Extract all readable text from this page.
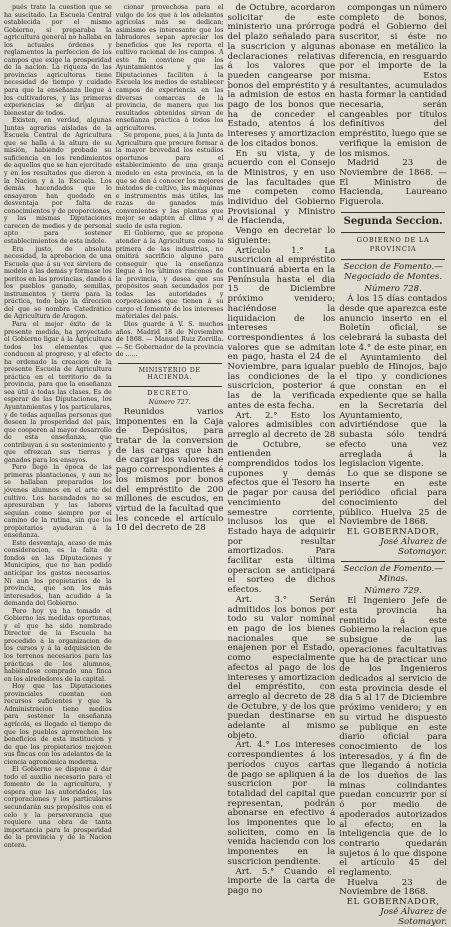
pués trate la cuestion que se ha suscitado. La Escuela Central establecida por el mismo Gobierno, si preparaba la agricultura general no hallaba en los actuales órdenes y reglamentos la perfeccion de los campos que exige la prosperidad de la nacion. La riqueza de las provincias agricultoras tiene necesidad de tiempo y cuidado para que la enseñanza llegue á los cultivadores, y las primeras experiencias se dirijan al bienestar de todos.

Existen, en verdad, algunas Juntas agrarias aisladas de la Escuela Central de Agricultura que se halla á la altura de su misión, habiendo probado su suficiencia en los rendimientos de aquellos que se han ejercitado y en los resultados que dieron á la Nacion y á la Escuela. Los demás hacendados que lo ensayaron han quedado en desventaja por falta de conocimientos y de proporciones, y las mismas Diputaciones carecen de medios y de personal apto para sostener establecimientos de esta índole.

Era justo, de absoluta necesidad, la aprobacion de una Escuela que á su vez sirviera de modelo á las demás y formase los peritos en las provincias, dando á los pueblos ganado, semillas, instrumentos y tierra para la práctica, todo bajo la direccion del que se nombra Catedrático de Agricultura de Aragon.

Para el mejor éxito de la presente medida, ha proyectado el Gobierno ligar á la Agricultura todos los elementos que conducen al progreso, y al efecto ha ordenado la creacion de la presente Escuela de Agricultura práctica en el territorio de la provincia, para que la enseñanza sea útil á todas las clases. Es de esperar de las Diputaciones, los Ayuntamientos y los particulares, y de todas aquellas personas que deseen la prosperidad del país, que cooperen al mayor desarrollo de esta enseñanza, que contribuyan á su sostenimiento y que ofrezcan sus tierras y ganados para los ensayos.

Pero llegó la época de las primeras plantaciones, y aun no se hallaban preparados los jóvenes alumnos en el arte del cultivo. Los hacendados no se apresuraban y las labores seguían como siempre por el camino de la rutina, sin que los propietarios ayudaran á la enseñanza.

Esto desventaja, acaso de más consideracion, es la falta de fondos en las Diputaciones y Municipios, que no han podido anticipar los gastos necesarios. Ni aun los propietarios de la provincia, que son los más interesados, han acudido á la demanda del Gobierno.

Pero hoy ya ha tomado el Gobierno las medidas oportunas, y el que ha sido nombrado Director de la Escuela ha procedido á la organizacion de los cursos y á la adquisicion de los terrenos necesarios para las prácticas de los alumnos, habiéndose comprado una finca en los alrededores de la capital.

Hoy que las Diputaciones provinciales cuentan con recursos suficientes y que la Administracion tiene medios para sostener la enseñanza agrícola, es llegado el tiempo de que los pueblos aprovechen los beneficios de esta institucion y de que los propietarios mejoren sus fincas con los adelantos de la ciencia agronómica moderna.

El Gobierno se dispone á dar todo el auxilio necesario para el fomento de la agricultura, y espera que las autoridades, las corporaciones y los particulares secundarán sus propósitos con el celo y la perseverancia que requiere una obra de tanta importancia para la prosperidad de la provincia y de la Nacion entera.

cionar provechosa para el vulgo de los que á los adelantos agrícolas más se dedican; asimismo es interesante que los labradores sepan apreciar los beneficios que les reporta el cultivo racional de los campos. A este fin conviene que los Ayuntamientos y las Diputaciones faciliten á la Escuela los medios de establecer campos de experiencia en las diversas comarcas de la provincia, de manera que los resultados obtenidos sirvan de enseñanza práctica á todos los agricultores.

Se propone, pues, á la Junta de Agricultura que procure formar á la mayor brevedad los estudios oportunos para el establecimiento de una granja modelo en esta provincia, en la que se den á conocer los mejores métodos de cultivo, las máquinas e instrumentos más útiles, las razas de ganados más convenientes y las plantas que mejor se adapten al clima y al suelo de esta region.

El Gobierno, que se propone atender á la Agricultura como la primera de las industrias, no omitirá sacrificio alguno para conseguir que la enseñanza llegue á los últimos rincones de la provincia, y desea que sus propósitos sean secundados por todas las autoridades y corporaciones que tienen á su cargo el fomento de los intereses materiales del país.

Dios guarde á V. S. muchos años. Madrid 18 de Noviembre de 1868. — Manuel Ruiz Zorrilla. — Sr. Gobernador de la provincia de ......

MINISTERIO DE HACIENDA.

DECRETO.

Número 727.

Reunidos varios imponentes en la Caja de Depósitos, para tratar de la conversion de las cargas que han de cargar los valores de pago correspondientes á los mismos por bonos del empréstito de 200 millones de escudos, en virtud de la facultad que les concede el artículo 10 del decreto de 28

de Octubre, acordaron solicitar de este ministerio una prórroga del plazo señalado para la suscricion y algunas declaraciones relativas á los valores que pueden cangearse por bonos del empréstito y á la admision de estos en pago de los bonos que ha de conceder el Estado, atentos á los intereses y amortizacion de los citados bonos.

En su vista, y de acuerdo con el Consejo de Ministros, y en uso de las facultades que me competen como individuo del Gobierno Provisional y Ministro de Hacienda,

Vengo en decretar lo siguiente:

Artículo 1.° La suscricion al empréstito continuará abierta en la Península hasta el dia 15 de Diciembre próximo venidero; haciéndose la liquidacion de los intereses correspondientes á los valores que se admitan en pago, hasta el 24 de Noviembre, para igualar las condiciones de la suscricion, posterior á las de la verificada antes de esta fecha.

Art. 2.° Esto los valores admisibles con arreglo al decreto de 28 de Octubre, se entienden comprendidos todos los cupones y demás efectos que el Tesoro ha de pagar por causa del vencimiento del semestre corriente, inclusos los que el Estado haya de adquirir por resultar amortizados. Para facilitar esta última operacion se anticipará el sorteo de dichos efectos.

Art. 3.° Serán admitidos los bonos por todo su valor nominal en pago de los bienes nacionales que se enajenen por el Estado, como especialmente afectos al pago de los intereses y amortizacion del empréstito, con arreglo al decreto de 28 de Octubre, y de los que puedan destinarse en adelante al mismo objeto.

Art. 4.° Los intereses correspondientes á los períodos cuyos cartas de pago se apliquen á la suscricion por la totalidad del capital que representan, podrán abonarse en efectivo á los imponentes que lo soliciten, como en la venida haciendo con los imponentes en la suscricion pendiente.

Art. 5.° Cuando el importe de la carta de pago no

compongas un número completo de bonos, podrá el Gobierno del suscritor, si éste no abonase en metálico la diferencia, en resguardo por el importe de la misma. Estos resultantes, acumulados hasta formar la cantidad necesaria, serán cangeables por títulos definitivos del empréstito, luego que se verifique la emision de los mismos.

Madrid 23 de Noviembre de 1868. — El Ministro de Hacienda, Laureano Figuerola.

Segunda Seccion.

GOBIERNO DE LA PROVINCIA

Seccion de Fomento.—Negociado de Montes.

Número 728.

Á los 15 días contados desde que aparezca este anuncio inserto en el Boletín oficial, se celebrará la subasta del lote 4.° de este pinar, en el Ayuntamiento del pueblo de Hinojos, bajo el tipo y condiciones que constan en el expediente que se halla en la Secretaría del Ayuntamiento, advirtiéndose que la subasta sólo tendrá efecto una vez arreglada á la legislacion vigente.

Lo que se dispone se inserte en este periódico oficial para conocimiento del público. Huelva 25 de Noviembre de 1868.

EL GOBERNADOR,

José Álvarez de Sotomayor.

Seccion de Fomento.—Minas.

Número 729.

El Ingeniero Jefe de esta provincia ha remitido á este Gobierno la relacion que subsigue de las operaciones facultativas que ha de practicar uno de los Ingenieros dedicados al servicio de esta provincia desde el dia 5 al 17 de Diciembre próximo venidero; y en su virtud he dispuesto se publique en este diario oficial para conocimiento de los interesados, y á fin de que llegando á noticia de los dueños de las minas colindantes puedan concurrir por sí ó por medio de apoderados autorizados al efecto; en la inteligencia que de lo contrario quedarán sujetos á lo que dispone el artículo 45 del reglamento.

Huelva 23 de Noviembre de 1868.

EL GOBERNADOR,

José Álvarez de Sotomayor.
